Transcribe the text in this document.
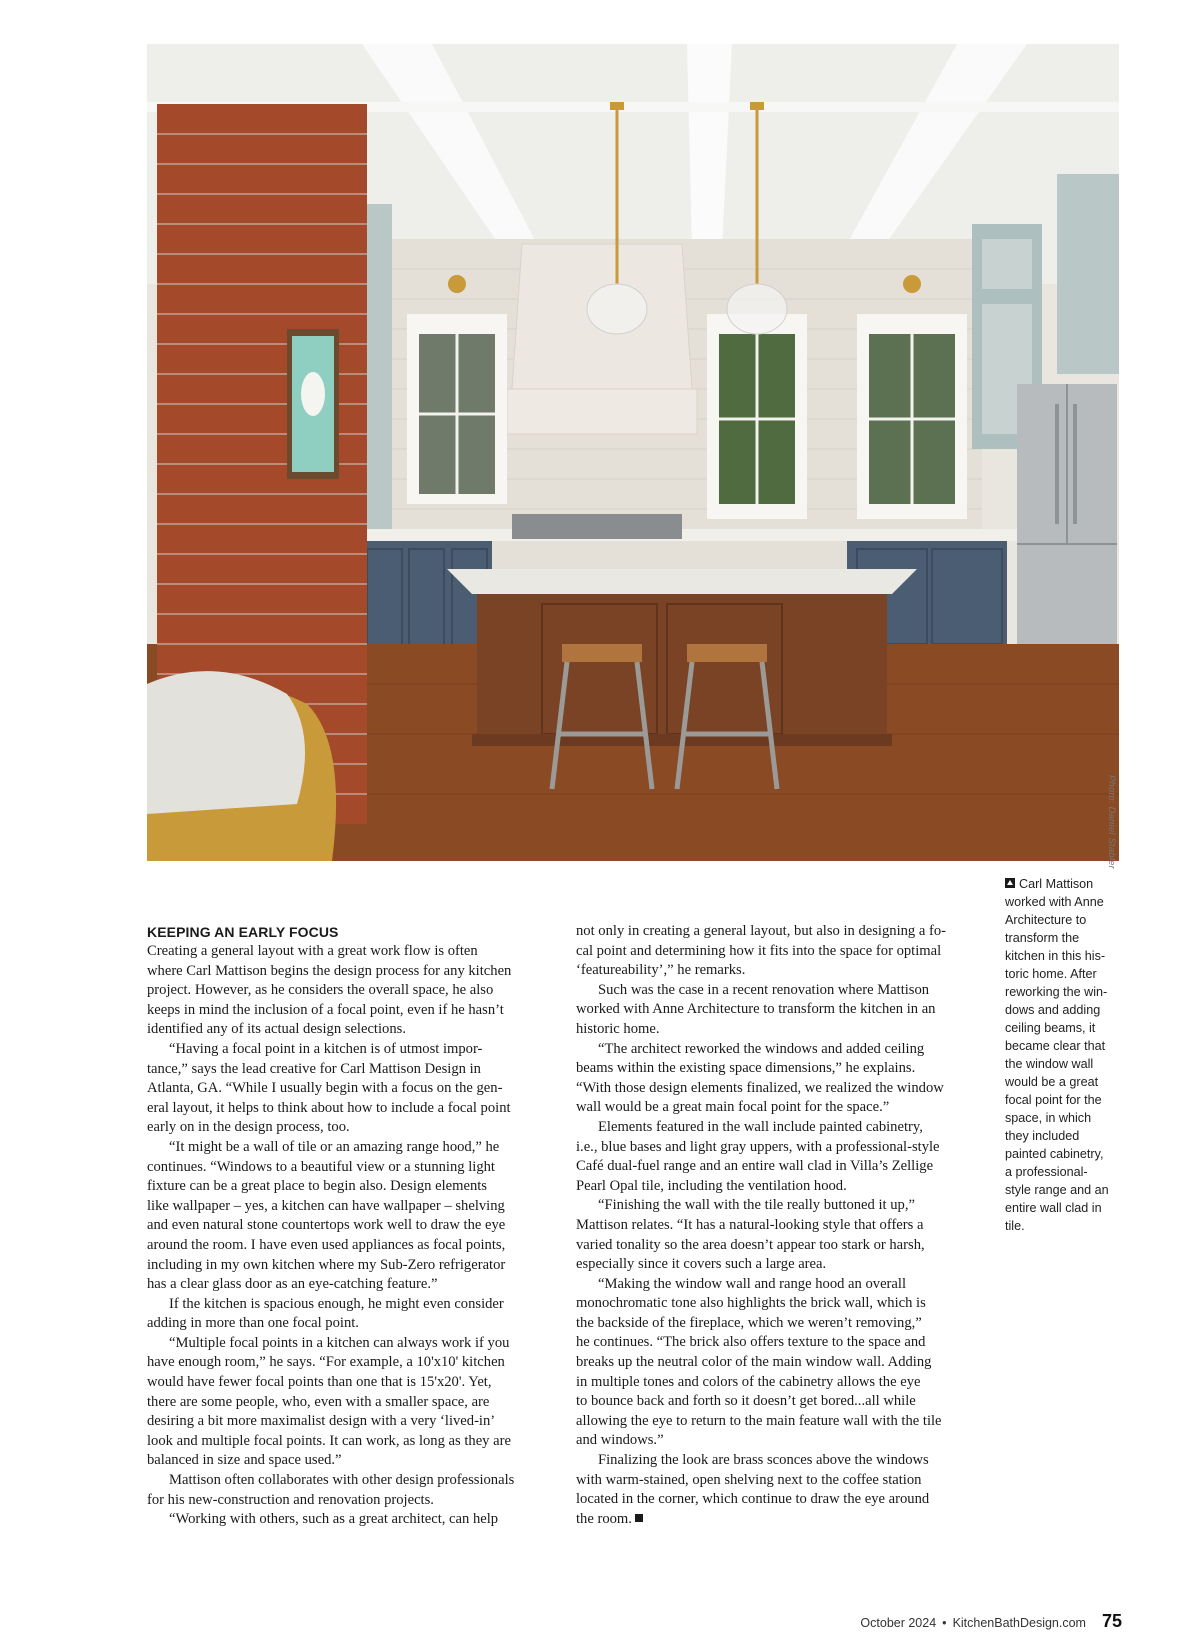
Photo: Daniel Stabler
Carl Mattison
worked with Anne
Architecture to
transform the
kitchen in this his-
toric home. After
reworking the win-
dows and adding
ceiling beams, it
became clear that
the window wall
would be a great
focal point for the
space, in which
they included
painted cabinetry,
a professional-
style range and an
entire wall clad in
tile.
KEEPING AN EARLY FOCUS

Creating a general layout with a great work flow is often
where Carl Mattison begins the design process for any kitchen
project. However, as he considers the overall space, he also
keeps in mind the inclusion of a focal point, even if he hasn’t
identified any of its actual design selections.

“Having a focal point in a kitchen is of utmost impor-
tance,” says the lead creative for Carl Mattison Design in
Atlanta, GA. “While I usually begin with a focus on the gen-
eral layout, it helps to think about how to include a focal point
early on in the design process, too.

“It might be a wall of tile or an amazing range hood,” he
continues. “Windows to a beautiful view or a stunning light
fixture can be a great place to begin also. Design elements
like wallpaper – yes, a kitchen can have wallpaper – shelving
and even natural stone countertops work well to draw the eye
around the room. I have even used appliances as focal points,
including in my own kitchen where my Sub-Zero refrigerator
has a clear glass door as an eye-catching feature.”

If the kitchen is spacious enough, he might even consider
adding in more than one focal point.

“Multiple focal points in a kitchen can always work if you
have enough room,” he says. “For example, a 10'x10' kitchen
would have fewer focal points than one that is 15'x20'. Yet,
there are some people, who, even with a smaller space, are
desiring a bit more maximalist design with a very ‘lived-in’
look and multiple focal points. It can work, as long as they are
balanced in size and space used.”

Mattison often collaborates with other design professionals
for his new-construction and renovation projects.

“Working with others, such as a great architect, can help

not only in creating a general layout, but also in designing a fo-
cal point and determining how it fits into the space for optimal
‘featureability’,” he remarks.

Such was the case in a recent renovation where Mattison
worked with Anne Architecture to transform the kitchen in an
historic home.

“The architect reworked the windows and added ceiling
beams within the existing space dimensions,” he explains.
“With those design elements finalized, we realized the window
wall would be a great main focal point for the space.”

Elements featured in the wall include painted cabinetry,
i.e., blue bases and light gray uppers, with a professional-style
Café dual-fuel range and an entire wall clad in Villa’s Zellige
Pearl Opal tile, including the ventilation hood.

“Finishing the wall with the tile really buttoned it up,”
Mattison relates. “It has a natural-looking style that offers a
varied tonality so the area doesn’t appear too stark or harsh,
especially since it covers such a large area.

“Making the window wall and range hood an overall
monochromatic tone also highlights the brick wall, which is
the backside of the fireplace, which we weren’t removing,”
he continues. “The brick also offers texture to the space and
breaks up the neutral color of the main window wall. Adding
in multiple tones and colors of the cabinetry allows the eye
to bounce back and forth so it doesn’t get bored...all while
allowing the eye to return to the main feature wall with the tile
and windows.”

Finalizing the look are brass sconces above the windows
with warm-stained, open shelving next to the coffee station
located in the corner, which continue to draw the eye around
the room.

October 2024 • KitchenBathDesign.com 75
